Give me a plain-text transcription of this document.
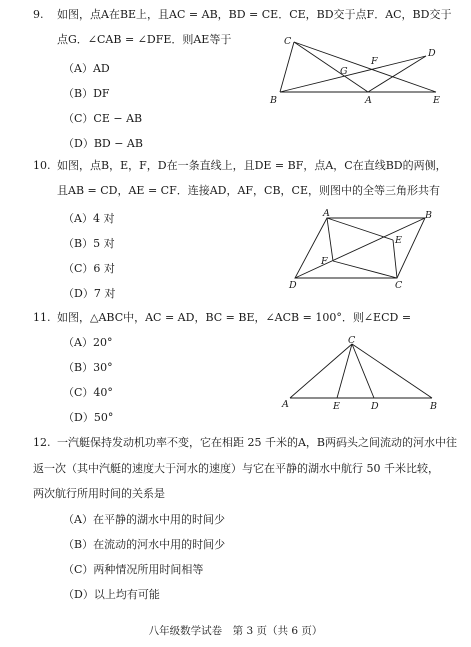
9. 如图，点A在BE上，且AC = AB，BD = CE．CE，BD交于点F．AC，BD交于
点G．∠CAB = ∠DFE．则AE等于
（A）AD
（B）DF
（C）CE − AB
（D）BD − AB
C
D
F
G
B	A	E
10. 如图，点B，E，F，D在一条直线上，且DE = BF，点A，C在直线BD的两侧，
且AB = CD，AE = CF．连接AD，AF，CB，CE，则图中的全等三角形共有
（A）4 对
（B）5 对
（C）6 对
（D）7 对
A	B
E
F
D	C
11. 如图，△ABC中，AC = AD，BC = BE，∠ACB = 100°．则∠ECD =
（A）20°
（B）30°
（C）40°
（D）50°
C
A	E	D	B
12. 一汽艇保持发动机功率不变，它在相距 25 千米的A，B两码头之间流动的河水中往
返一次（其中汽艇的速度大于河水的速度）与它在平静的湖水中航行 50 千米比较，
两次航行所用时间的关系是
（A）在平静的湖水中用的时间少
（B）在流动的河水中用的时间少
（C）两种情况所用时间相等
（D）以上均有可能
八年级数学试卷　第 3 页（共 6 页）
